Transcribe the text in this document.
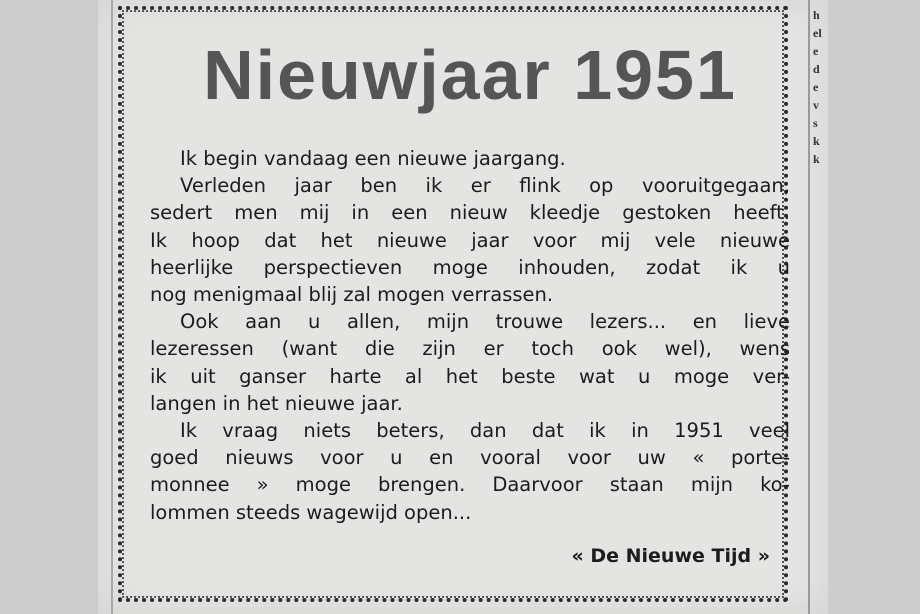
h
el
e
d
e
v
s
k
k
Nieuwjaar 1951
Ik begin vandaag een nieuwe jaargang.
Verleden jaar ben ik er flink op vooruitgegaan,
sedert men mij in een nieuw kleedje gestoken heeft.
Ik hoop dat het nieuwe jaar voor mij vele nieuwe
heerlijke perspectieven moge inhouden, zodat ik u
nog menigmaal blij zal mogen verrassen.
Ook aan u allen, mijn trouwe lezers... en lieve
lezeressen (want die zijn er toch ook wel), wens
ik uit ganser harte al het beste wat u moge ver-
langen in het nieuwe jaar.
Ik vraag niets beters, dan dat ik in 1951 veel
goed nieuws voor u en vooral voor uw « porte-
monnee » moge brengen. Daarvoor staan mijn ko-
lommen steeds wagewijd open...
« De Nieuwe Tijd »
